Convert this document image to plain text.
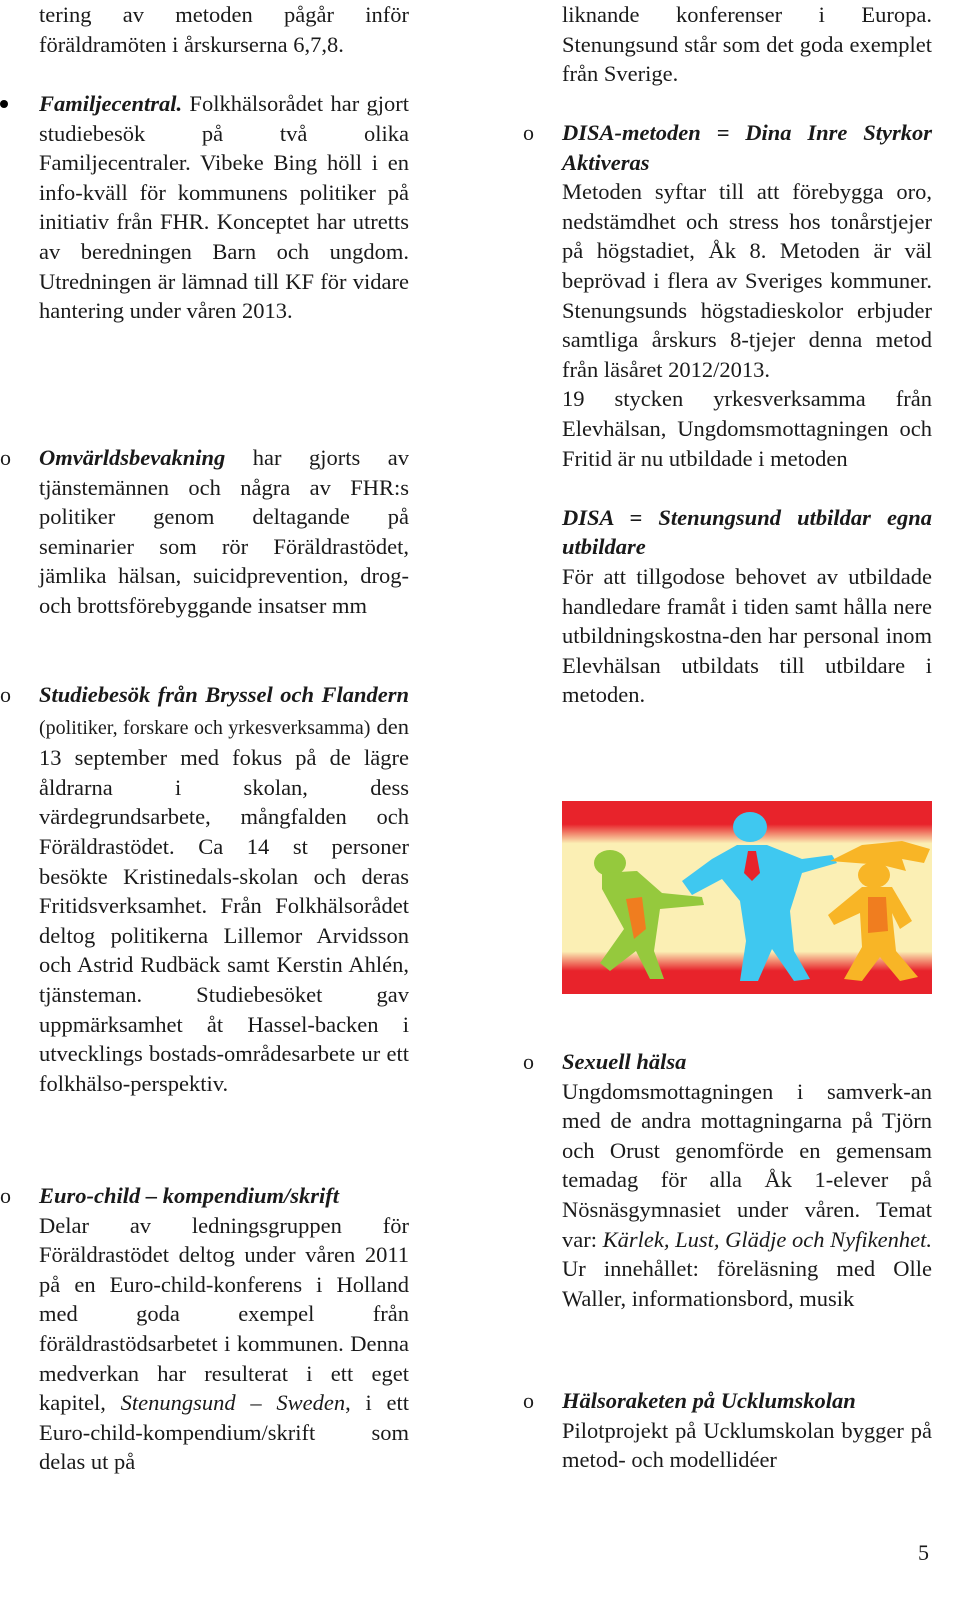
tering av metoden pågår inför föräldramöten i årskurserna 6,7,8.

Familjecentral. Folkhälsorådet har gjort studiebesök på två olika Familjecentraler. Vibeke Bing höll i en info-kväll för kommunens politiker på initiativ från FHR. Konceptet har utretts av beredningen Barn och ungdom. Utredningen är lämnad till KF för vidare hantering under våren 2013.

o Omvärldsbevakning har gjorts av tjänstemännen och några av FHR:s politiker genom deltagande på seminarier som rör Föräldrastödet, jämlika hälsan, suicidprevention, drog- och brottsförebyggande insatser mm

o Studiebesök från Bryssel och Flandern (politiker, forskare och yrkesverksamma) den 13 september med fokus på de lägre åldrarna i skolan, dess värdegrundsarbete, mångfalden och Föräldrastödet. Ca 14 st personer besökte Kristinedals-skolan och deras Fritidsverksamhet. Från Folkhälsorådet deltog politikerna Lillemor Arvidsson och Astrid Rudbäck samt Kerstin Ahlén, tjänsteman. Studiebesöket gav uppmärksamhet åt Hassel-backen i utvecklings bostads-områdesarbete ur ett folkhälso-perspektiv.

o Euro-child – kompendium/skrift

Delar av ledningsgruppen för Föräldrastödet deltog under våren 2011 på en Euro-child-konferens i Holland med goda exempel från föräldrastödsarbetet i kommunen. Denna medverkan har resulterat i ett eget kapitel, Stenungsund – Sweden, i ett Euro-child-kompendium/skrift som delas ut på

liknande konferenser i Europa. Stenungsund står som det goda exemplet från Sverige.

o DISA-metoden = Dina Inre Styrkor Aktiveras

Metoden syftar till att förebygga oro, nedstämdhet och stress hos tonårstjejer på högstadiet, Åk 8. Metoden är väl beprövad i flera av Sveriges kommuner. Stenungsunds högstadieskolor erbjuder samtliga årskurs 8-tjejer denna metod från läsåret 2012/2013.

19 stycken yrkesverksamma från Elevhälsan, Ungdomsmottagningen och Fritid är nu utbildade i metoden

DISA = Stenungsund utbildar egna utbildare

För att tillgodose behovet av utbildade handledare framåt i tiden samt hålla nere utbildningskostna-den har personal inom Elevhälsan utbildats till utbildare i metoden.

o Sexuell hälsa

Ungdomsmottagningen i samverk-an med de andra mottagningarna på Tjörn och Orust genomförde en gemensam temadag för alla Åk 1-elever på Nösnäsgymnasiet under våren. Temat var: Kärlek, Lust, Glädje och Nyfikenhet. Ur innehållet: föreläsning med Olle Waller, informationsbord, musik

o Hälsoraketen på Ucklumskolan

Pilotprojekt på Ucklumskolan bygger på metod- och modellidéer

5
